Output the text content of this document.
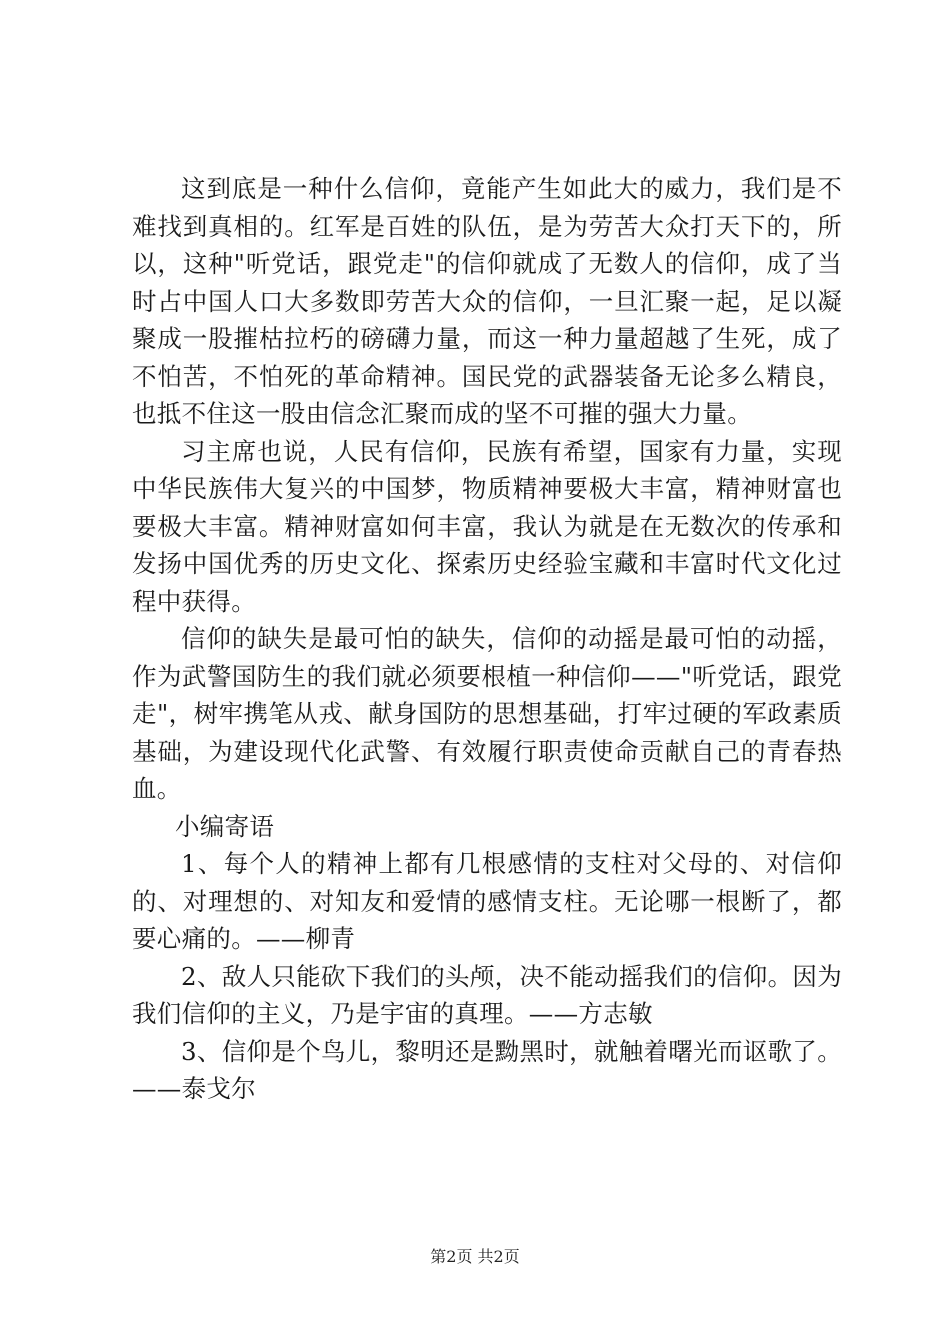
这到底是一种什么信仰，竟能产生如此大的威力，我们是不难找到真相的。红军是百姓的队伍，是为劳苦大众打天下的，所以，这种"听党话，跟党走"的信仰就成了无数人的信仰，成了当时占中国人口大多数即劳苦大众的信仰，一旦汇聚一起，足以凝聚成一股摧枯拉朽的磅礴力量，而这一种力量超越了生死，成了不怕苦，不怕死的革命精神。国民党的武器装备无论多么精良，也抵不住这一股由信念汇聚而成的坚不可摧的强大力量。

习主席也说，人民有信仰，民族有希望，国家有力量，实现中华民族伟大复兴的中国梦，物质精神要极大丰富，精神财富也要极大丰富。精神财富如何丰富，我认为就是在无数次的传承和发扬中国优秀的历史文化、探索历史经验宝藏和丰富时代文化过程中获得。

信仰的缺失是最可怕的缺失，信仰的动摇是最可怕的动摇，作为武警国防生的我们就必须要根植一种信仰——"听党话，跟党走"，树牢携笔从戎、献身国防的思想基础，打牢过硬的军政素质基础，为建设现代化武警、有效履行职责使命贡献自己的青春热血。

小编寄语

1、每个人的精神上都有几根感情的支柱对父母的、对信仰的、对理想的、对知友和爱情的感情支柱。无论哪一根断了，都要心痛的。——柳青

2、敌人只能砍下我们的头颅，决不能动摇我们的信仰。因为我们信仰的主义，乃是宇宙的真理。——方志敏

3、信仰是个鸟儿，黎明还是黝黑时，就触着曙光而讴歌了。——泰戈尔

第2页 共2页
